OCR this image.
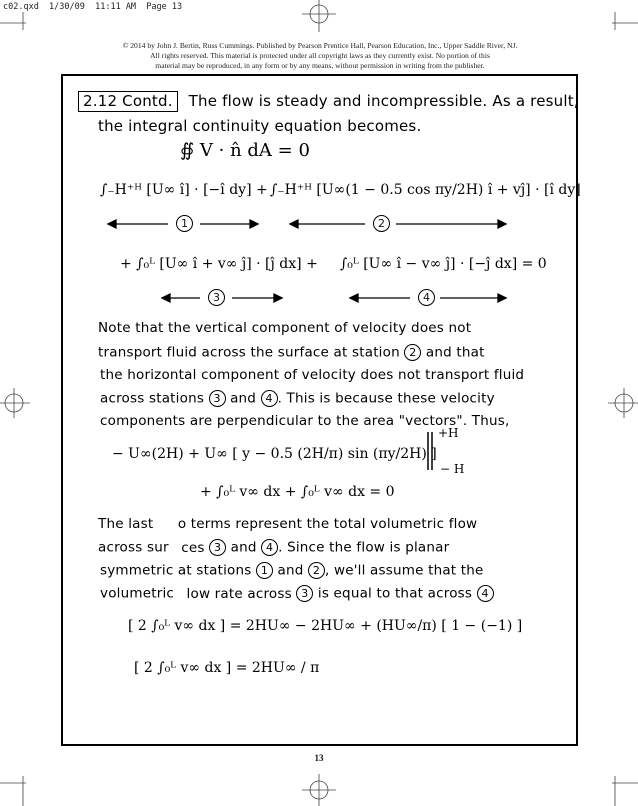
c02.qxd  1/30/09  11:11 AM  Page 13
© 2014 by John J. Bertin, Russ Cummings. Published by Pearson Prentice Hall, Pearson Education, Inc., Upper Saddle River, NJ.
All rights reserved. This material is protected under all copyright laws as they currently exist. No portion of this
material may be reproduced, in any form or by any means, without permission in writing from the publisher.
2.12 Contd. The flow is steady and incompressible. As a result,
the integral continuity equation becomes.
∯ V · n̂ dA = 0
∫₋H⁺ᴴ [U∞ î] · [−î dy] + ∫₋H⁺ᴴ [U∞(1 − 0.5 cos πy/2H) î + vĵ] · [î dy]
1	2
+ ∫₀ᴸ [U∞ î + v∞ ĵ] · [ĵ dx] + ∫₀ᴸ [U∞ î − v∞ ĵ] · [−ĵ dx] = 0
3	4
Note that the vertical component of velocity does not
transport fluid across the surface at station 2 and that
the horizontal component of velocity does not transport fluid
across stations 3 and 4 . This is because these velocity
components are perpendicular to the area "vectors". Thus,
− U∞(2H) + U∞ [ y − 0.5 (2H/π) sin (πy/2H) ]
+H
− H
+ ∫₀ᴸ v∞ dx + ∫₀ᴸ v∞ dx = 0
The last o terms represent the total volumetric flow
across sur ces 3 and 4 . Since the flow is planar
symmetric at stations 1 and 2 , we'll assume that the
volumetric low rate across 3 is equal to that across 4
[ 2 ∫₀ᴸ v∞ dx ] = 2HU∞ − 2HU∞ + (HU∞/π) [ 1 − (−1) ]
[ 2 ∫₀ᴸ v∞ dx ] = 2HU∞ / π
13
